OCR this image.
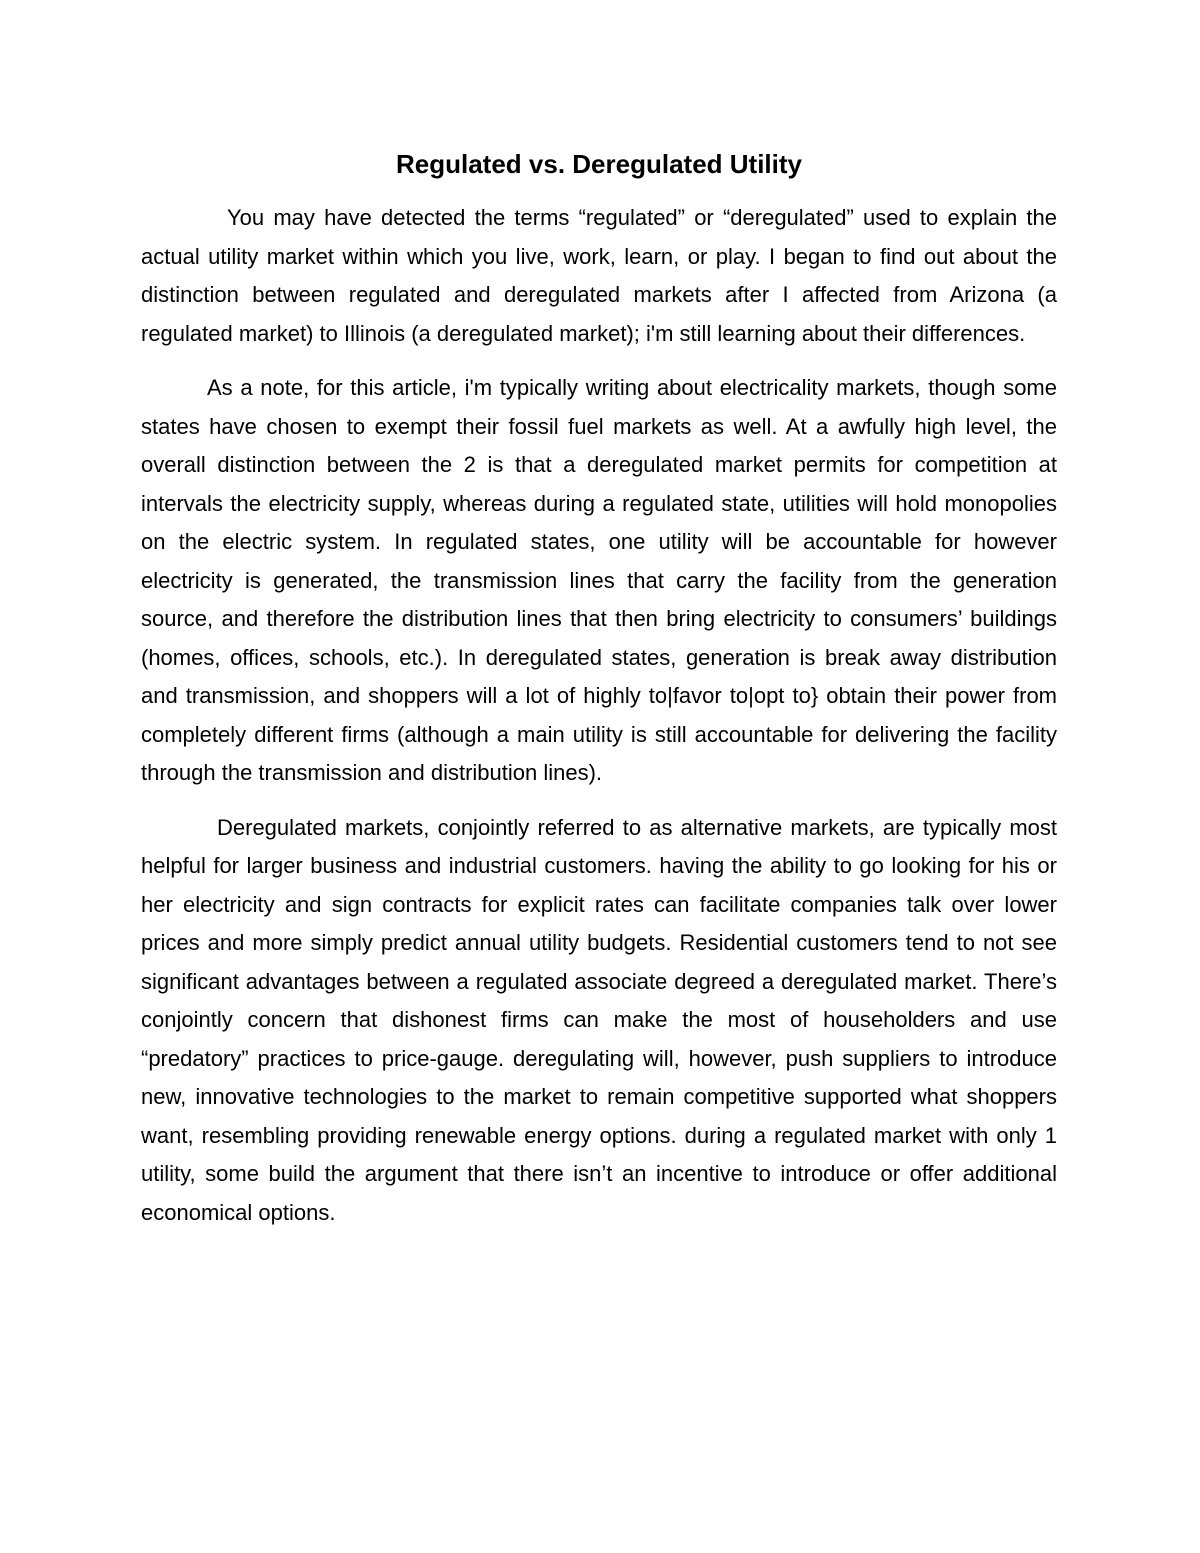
Regulated vs. Deregulated Utility

You may have detected the terms “regulated” or “deregulated” used to explain the actual utility market within which you live, work, learn, or play. I began to find out about the distinction between regulated and deregulated markets after I affected from Arizona (a regulated market) to Illinois (a deregulated market); i'm still learning about their differences.

As a note, for this article, i'm typically writing about electricality markets, though some states have chosen to exempt their fossil fuel markets as well. At a awfully high level, the overall distinction between the 2 is that a deregulated market permits for competition at intervals the electricity supply, whereas during a regulated state, utilities will hold monopolies on the electric system. In regulated states, one utility will be accountable for however electricity is generated, the transmission lines that carry the facility from the generation source, and therefore the distribution lines that then bring electricity to consumers’ buildings (homes, offices, schools, etc.). In deregulated states, generation is break away distribution and transmission, and shoppers will a lot of highly to|favor to|opt to} obtain their power from completely different firms (although a main utility is still accountable for delivering the facility through the transmission and distribution lines).

Deregulated markets, conjointly referred to as alternative markets, are typically most helpful for larger business and industrial customers. having the ability to go looking for his or her electricity and sign contracts for explicit rates can facilitate companies talk over lower prices and more simply predict annual utility budgets. Residential customers tend to not see significant advantages between a regulated associate degreed a deregulated market. There’s conjointly concern that dishonest firms can make the most of householders and use “predatory” practices to price-gauge. deregulating will, however, push suppliers to introduce new, innovative technologies to the market to remain competitive supported what shoppers want, resembling providing renewable energy options. during a regulated market with only 1 utility, some build the argument that there isn’t an incentive to introduce or offer additional economical options.
